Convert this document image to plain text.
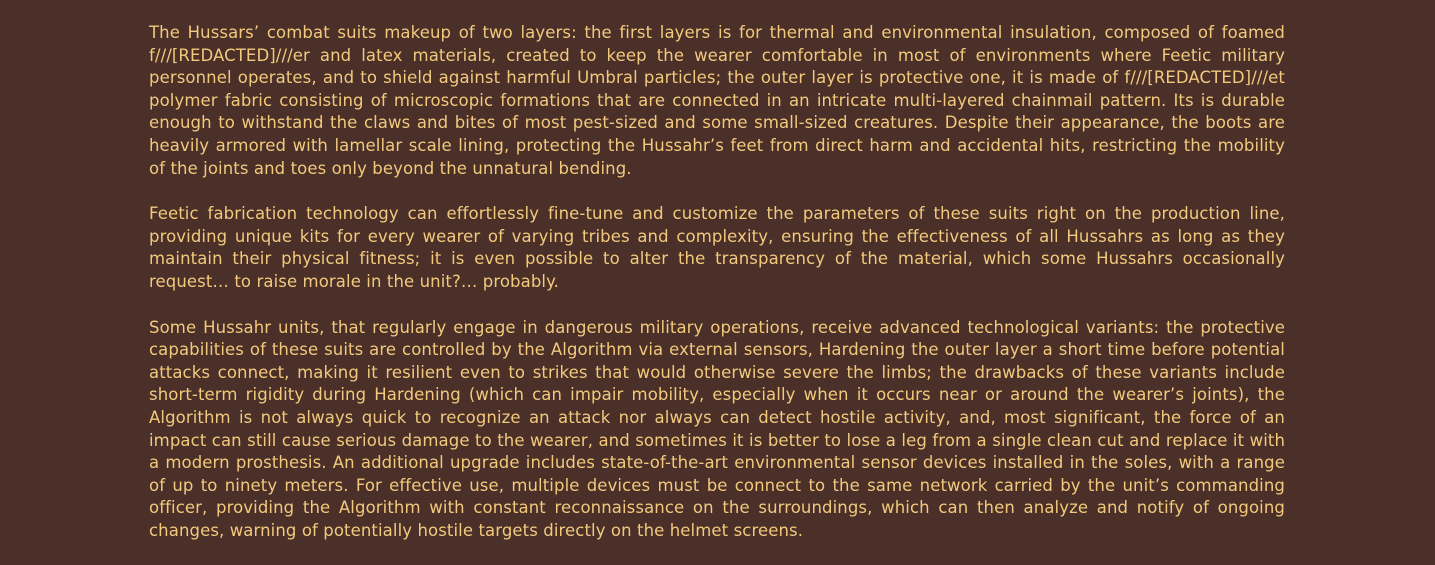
The Hussars’ combat suits makeup of two layers: the first layers is for thermal and environmental insulation, composed of foamed f///[REDACTED]///er and latex materials, created to keep the wearer comfortable in most of environments where Feetic military personnel operates, and to shield against harmful Umbral particles; the outer layer is protective one, it is made of f///[REDACTED]///et polymer fabric consisting of microscopic formations that are connected in an intricate multi-layered chainmail pattern. Its is durable enough to withstand the claws and bites of most pest-sized and some small-sized creatures. Despite their appearance, the boots are heavily armored with lamellar scale lining, protecting the Hussahr’s feet from direct harm and accidental hits, restricting the mobility of the joints and toes only beyond the unnatural bending.

Feetic fabrication technology can effortlessly fine-tune and customize the parameters of these suits right on the production line, providing unique kits for every wearer of varying tribes and complexity, ensuring the effectiveness of all Hussahrs as long as they maintain their physical fitness; it is even possible to alter the transparency of the material, which some Hussahrs occasionally request… to raise morale in the unit?… probably.

Some Hussahr units, that regularly engage in dangerous military operations, receive advanced technological variants: the protective capabilities of these suits are controlled by the Algorithm via external sensors, Hardening the outer layer a short time before potential attacks connect, making it resilient even to strikes that would otherwise severe the limbs; the drawbacks of these variants include short-term rigidity during Hardening (which can impair mobility, especially when it occurs near or around the wearer’s joints), the Algorithm is not always quick to recognize an attack nor always can detect hostile activity, and, most significant, the force of an impact can still cause serious damage to the wearer, and sometimes it is better to lose a leg from a single clean cut and replace it with a modern prosthesis. An additional upgrade includes state-of-the-art environmental sensor devices installed in the soles, with a range of up to ninety meters. For effective use, multiple devices must be connect to the same network carried by the unit’s commanding officer, providing the Algorithm with constant reconnaissance on the surroundings, which can then analyze and notify of ongoing changes, warning of potentially hostile targets directly on the helmet screens.
